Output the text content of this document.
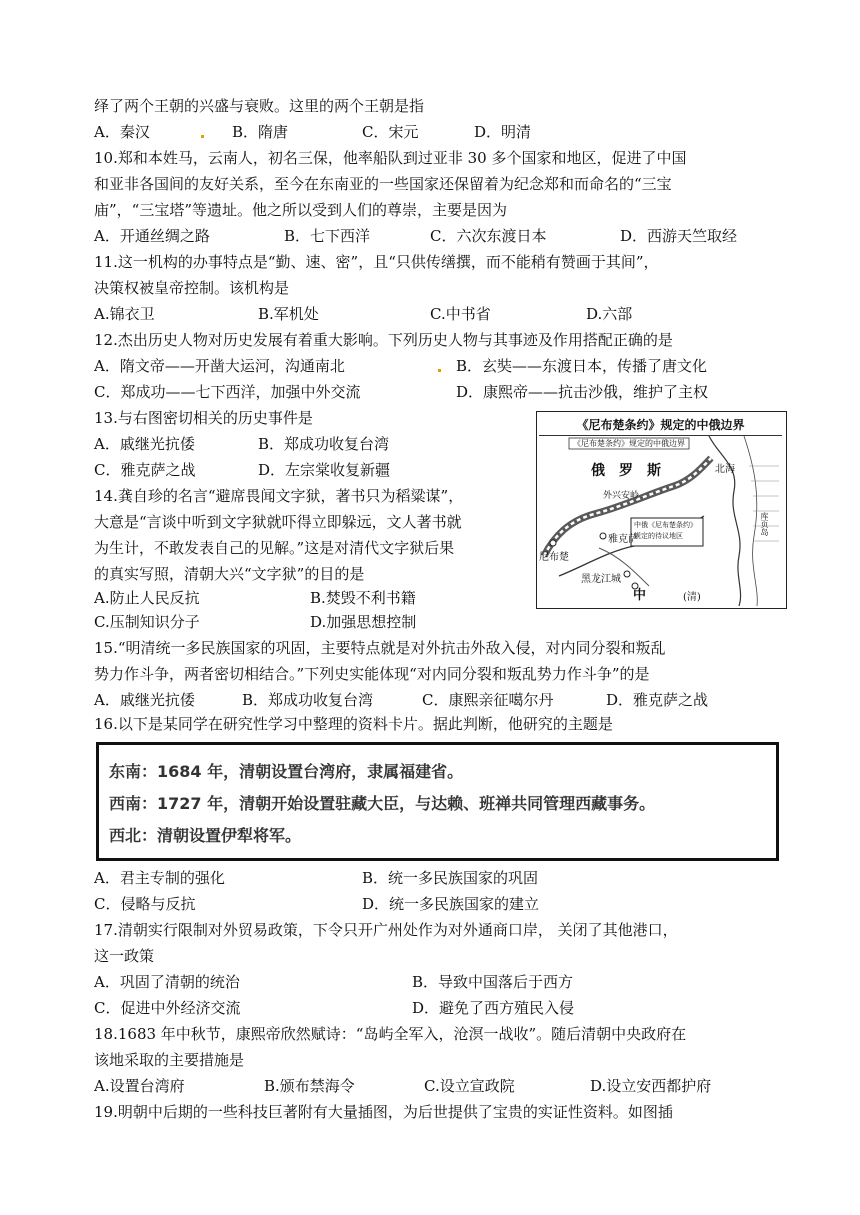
绎了两个王朝的兴盛与衰败。这里的两个王朝是指

A．秦汉

	B．隋唐

	C．宋元

	D．明清

10.郑和本姓马，云南人，初名三保，他率船队到过亚非 30 多个国家和地区，促进了中国
和亚非各国间的友好关系，至今在东南亚的一些国家还保留着为纪念郑和而命名的“三宝
庙”，“三宝塔”等遗址。他之所以受到人们的尊崇，主要是因为

A．开通丝绸之路

	B．七下西洋

	C．六次东渡日本

	D．西游天竺取经

11.这一机构的办事特点是“勤、速、密”，且“只供传缮撰，而不能稍有赞画于其间”，
决策权被皇帝控制。该机构是

A.锦衣卫

	B.军机处

	C.中书省

	D.六部

12.杰出历史人物对历史发展有着重大影响。下列历史人物与其事迹及作用搭配正确的是

A．隋文帝——开凿大运河，沟通南北

	B．玄奘——东渡日本，传播了唐文化

C．郑成功——七下西洋，加强中外交流

	D．康熙帝——抗击沙俄，维护了主权

13.与右图密切相关的历史事件是

A．戚继光抗倭

	B．郑成功收复台湾

C．雅克萨之战

	D．左宗棠收复新疆

14.龚自珍的名言“避席畏闻文字狱，著书只为稻粱谋”，
大意是“言谈中听到文字狱就吓得立即躲远，文人著书就
为生计，不敢发表自己的见解。”这是对清代文字狱后果
的真实写照，清朝大兴“文字狱”的目的是

A.防止人民反抗

	B.焚毁不利书籍

C.压制知识分子

	D.加强思想控制

《尼布楚条约》规定的中俄边界
《尼布楚条约》规定的中俄边界
俄　罗　斯	北海
外兴安岭
雅克萨
尼布楚
中俄《尼布楚条约》
规定的待议地区
黑龙江城
库页岛
中	(清)
15.“明清统一多民族国家的巩固，主要特点就是对外抗击外敌入侵，对内同分裂和叛乱
势力作斗争，两者密切相结合。”下列史实能体现“对内同分裂和叛乱势力作斗争”的是

A．戚继光抗倭

	B．郑成功收复台湾

	C．康熙亲征噶尔丹

	D．雅克萨之战

16.以下是某同学在研究性学习中整理的资料卡片。据此判断，他研究的主题是
东南：1684 年，清朝设置台湾府，隶属福建省。
西南：1727 年，清朝开始设置驻藏大臣，与达赖、班禅共同管理西藏事务。
西北：清朝设置伊犁将军。

A．君主专制的强化

	B．统一多民族国家的巩固

C．侵略与反抗

	D．统一多民族国家的建立

17.清朝实行限制对外贸易政策，下令只开广州处作为对外通商口岸， 关闭了其他港口，
这一政策

A．巩固了清朝的统治

	B．导致中国落后于西方

C．促进中外经济交流

	D．避免了西方殖民入侵

18.1683 年中秋节，康熙帝欣然赋诗：“岛屿全军入，沧溟一战收”。随后清朝中央政府在
该地采取的主要措施是

A.设置台湾府

	B.颁布禁海令

	C.设立宣政院

	D.设立安西都护府

19.明朝中后期的一些科技巨著附有大量插图，为后世提供了宝贵的实证性资料。如图插
